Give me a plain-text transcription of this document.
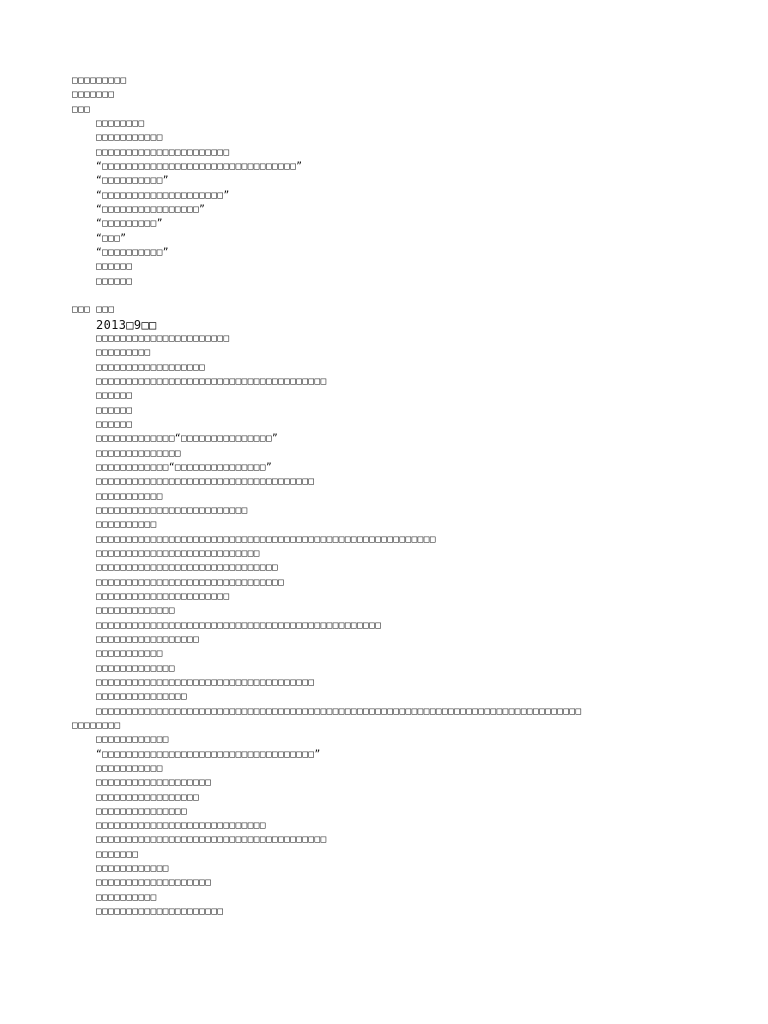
□□□□□□□□□
□□□□□□□
□□□
□□□□□□□□
□□□□□□□□□□□
□□□□□□□□□□□□□□□□□□□□□□
“□□□□□□□□□□□□□□□□□□□□□□□□□□□□□□□□”
“□□□□□□□□□□”
“□□□□□□□□□□□□□□□□□□□□”
“□□□□□□□□□□□□□□□□”
“□□□□□□□□□”
“□□□”
“□□□□□□□□□□”
□□□□□□
□□□□□□
□□□ □□□
2013□9□□
□□□□□□□□□□□□□□□□□□□□□□
□□□□□□□□□
□□□□□□□□□□□□□□□□□□
□□□□□□□□□□□□□□□□□□□□□□□□□□□□□□□□□□□□□□
□□□□□□
□□□□□□
□□□□□□
□□□□□□□□□□□□□“□□□□□□□□□□□□□□□”
□□□□□□□□□□□□□□
□□□□□□□□□□□□“□□□□□□□□□□□□□□□”
□□□□□□□□□□□□□□□□□□□□□□□□□□□□□□□□□□□□
□□□□□□□□□□□
□□□□□□□□□□□□□□□□□□□□□□□□□
□□□□□□□□□□
□□□□□□□□□□□□□□□□□□□□□□□□□□□□□□□□□□□□□□□□□□□□□□□□□□□□□□□□
□□□□□□□□□□□□□□□□□□□□□□□□□□□
□□□□□□□□□□□□□□□□□□□□□□□□□□□□□□
□□□□□□□□□□□□□□□□□□□□□□□□□□□□□□□
□□□□□□□□□□□□□□□□□□□□□□
□□□□□□□□□□□□□
□□□□□□□□□□□□□□□□□□□□□□□□□□□□□□□□□□□□□□□□□□□□□□□
□□□□□□□□□□□□□□□□□
□□□□□□□□□□□
□□□□□□□□□□□□□
□□□□□□□□□□□□□□□□□□□□□□□□□□□□□□□□□□□□
□□□□□□□□□□□□□□□
□□□□□□□□□□□□□□□□□□□□□□□□□□□□□□□□□□□□□□□□□□□□□□□□□□□□□□□□□□□□□□□□□□□□□□□□□□□□□□□□
□□□□□□□□
□□□□□□□□□□□□
“□□□□□□□□□□□□□□□□□□□□□□□□□□□□□□□□□□□”
□□□□□□□□□□□
□□□□□□□□□□□□□□□□□□□
□□□□□□□□□□□□□□□□□
□□□□□□□□□□□□□□□
□□□□□□□□□□□□□□□□□□□□□□□□□□□□
□□□□□□□□□□□□□□□□□□□□□□□□□□□□□□□□□□□□□□
□□□□□□□
□□□□□□□□□□□□
□□□□□□□□□□□□□□□□□□□
□□□□□□□□□□
□□□□□□□□□□□□□□□□□□□□□
